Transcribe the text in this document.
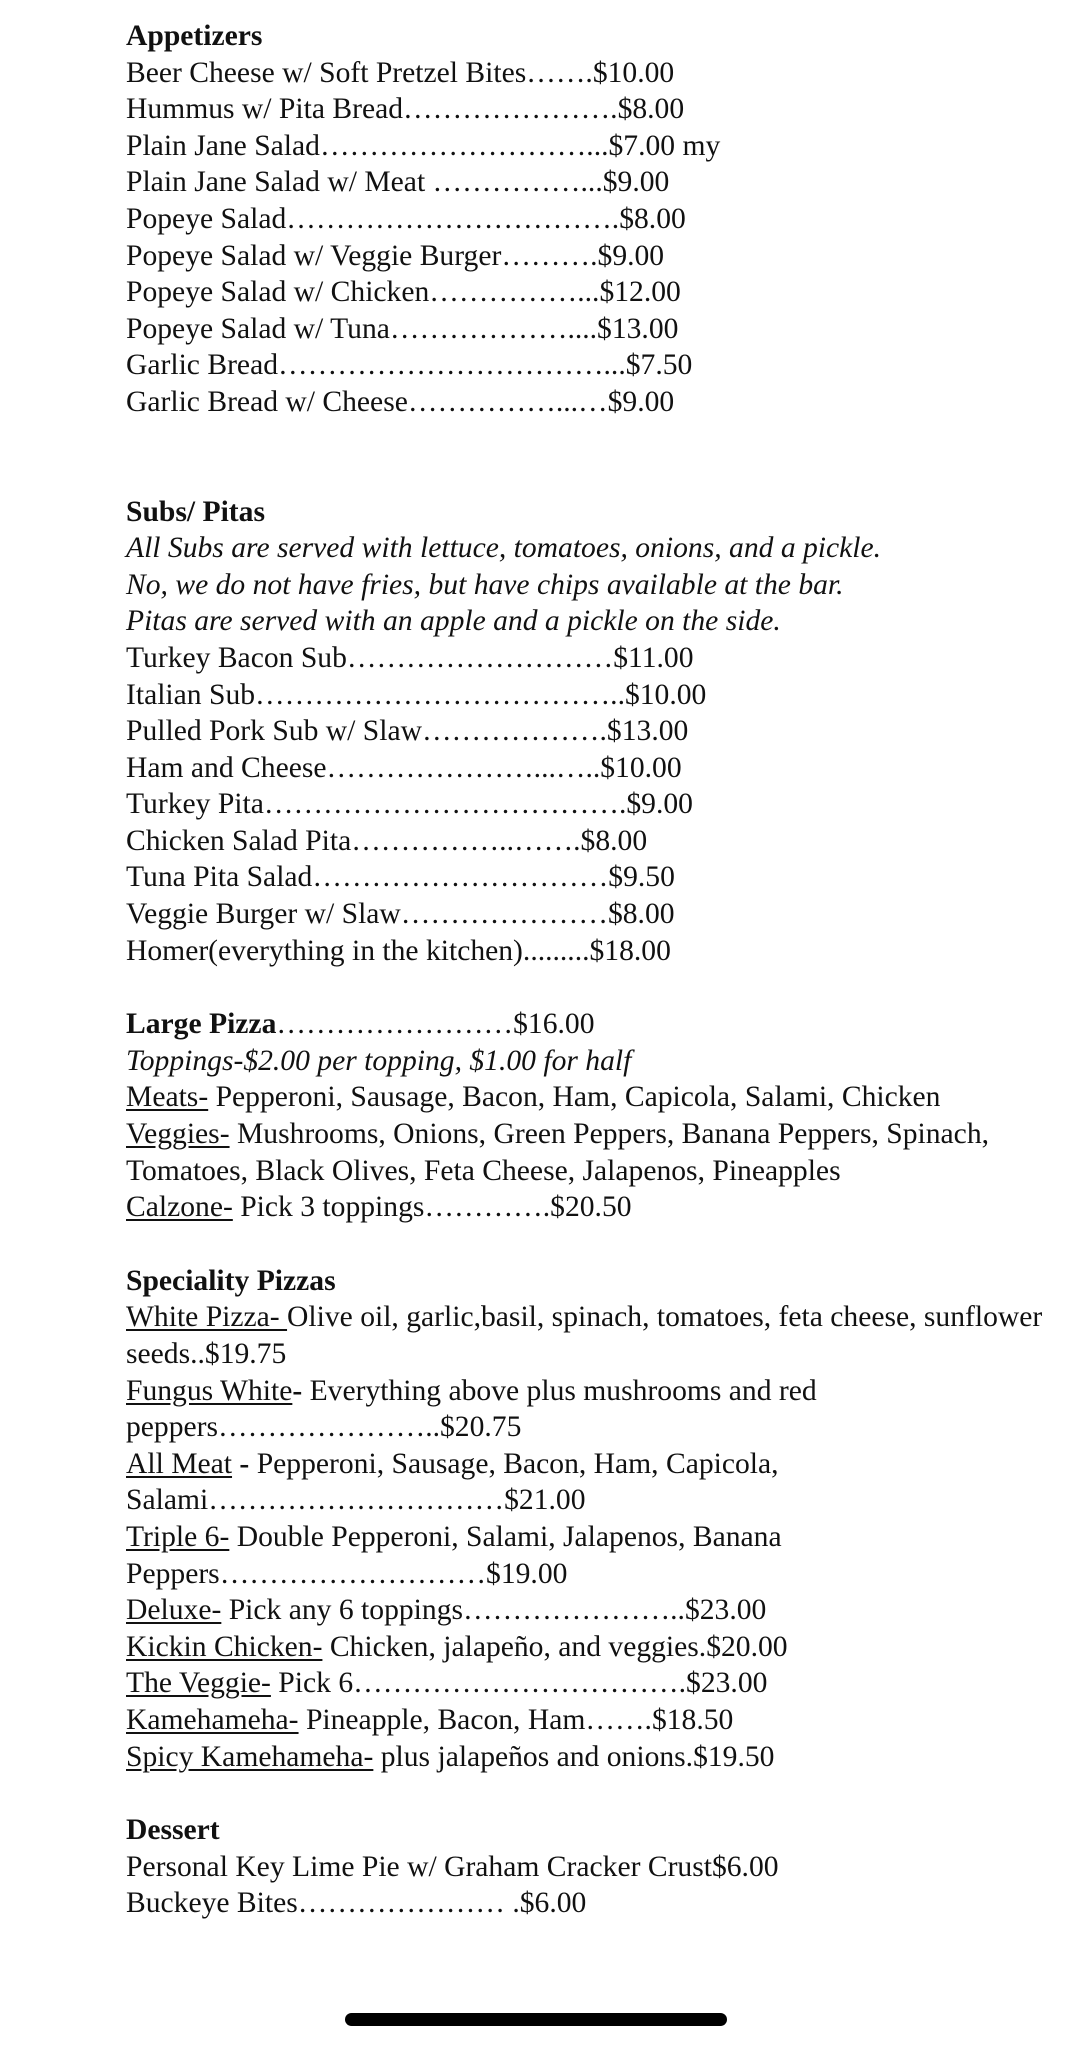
Appetizers
Beer Cheese w/ Soft Pretzel Bites…….$10.00
Hummus w/ Pita Bread………………….$8.00
Plain Jane Salad………………………...$7.00 my
Plain Jane Salad w/ Meat ……………...$9.00
Popeye Salad…………………………….$8.00
Popeye Salad w/ Veggie Burger……….$9.00
Popeye Salad w/ Chicken……………...$12.00
Popeye Salad w/ Tuna………………....$13.00
Garlic Bread……………………………...$7.50
Garlic Bread w/ Cheese……………...…$9.00
Subs/ Pitas
All Subs are served with lettuce, tomatoes, onions, and a pickle.
No, we do not have fries, but have chips available at the bar.
Pitas are served with an apple and a pickle on the side.
Turkey Bacon Sub………………………$11.00
Italian Sub………………………………..$10.00
Pulled Pork Sub w/ Slaw……………….$13.00
Ham and Cheese…………………...…..$10.00
Turkey Pita……………………………….$9.00
Chicken Salad Pita……………..…….$8.00
Tuna Pita Salad…………………………$9.50
Veggie Burger w/ Slaw…………………$8.00
Homer(everything in the kitchen).........$18.00
Large Pizza……………………$16.00
Toppings-$2.00 per topping, $1.00 for half
Meats- Pepperoni, Sausage, Bacon, Ham, Capicola, Salami, Chicken
Veggies- Mushrooms, Onions, Green Peppers, Banana Peppers, Spinach, Tomatoes, Black Olives, Feta Cheese, Jalapenos, Pineapples
Calzone- Pick 3 toppings………….$20.50
Speciality Pizzas
White Pizza- Olive oil, garlic,basil, spinach, tomatoes, feta cheese, sunflower seeds..$19.75
Fungus White- Everything above plus mushrooms and red peppers…………………..$20.75
All Meat - Pepperoni, Sausage, Bacon, Ham, Capicola, Salami…………………………$21.00
Triple 6- Double Pepperoni, Salami, Jalapenos, Banana Peppers………………………$19.00
Deluxe- Pick any 6 toppings…………………..$23.00
Kickin Chicken- Chicken, jalapeño, and veggies.$20.00
The Veggie- Pick 6…………………………….$23.00
Kamehameha- Pineapple, Bacon, Ham…….$18.50
Spicy Kamehameha- plus jalapeños and onions.$19.50
Dessert
Personal Key Lime Pie w/ Graham Cracker Crust$6.00
Buckeye Bites………………… .$6.00
